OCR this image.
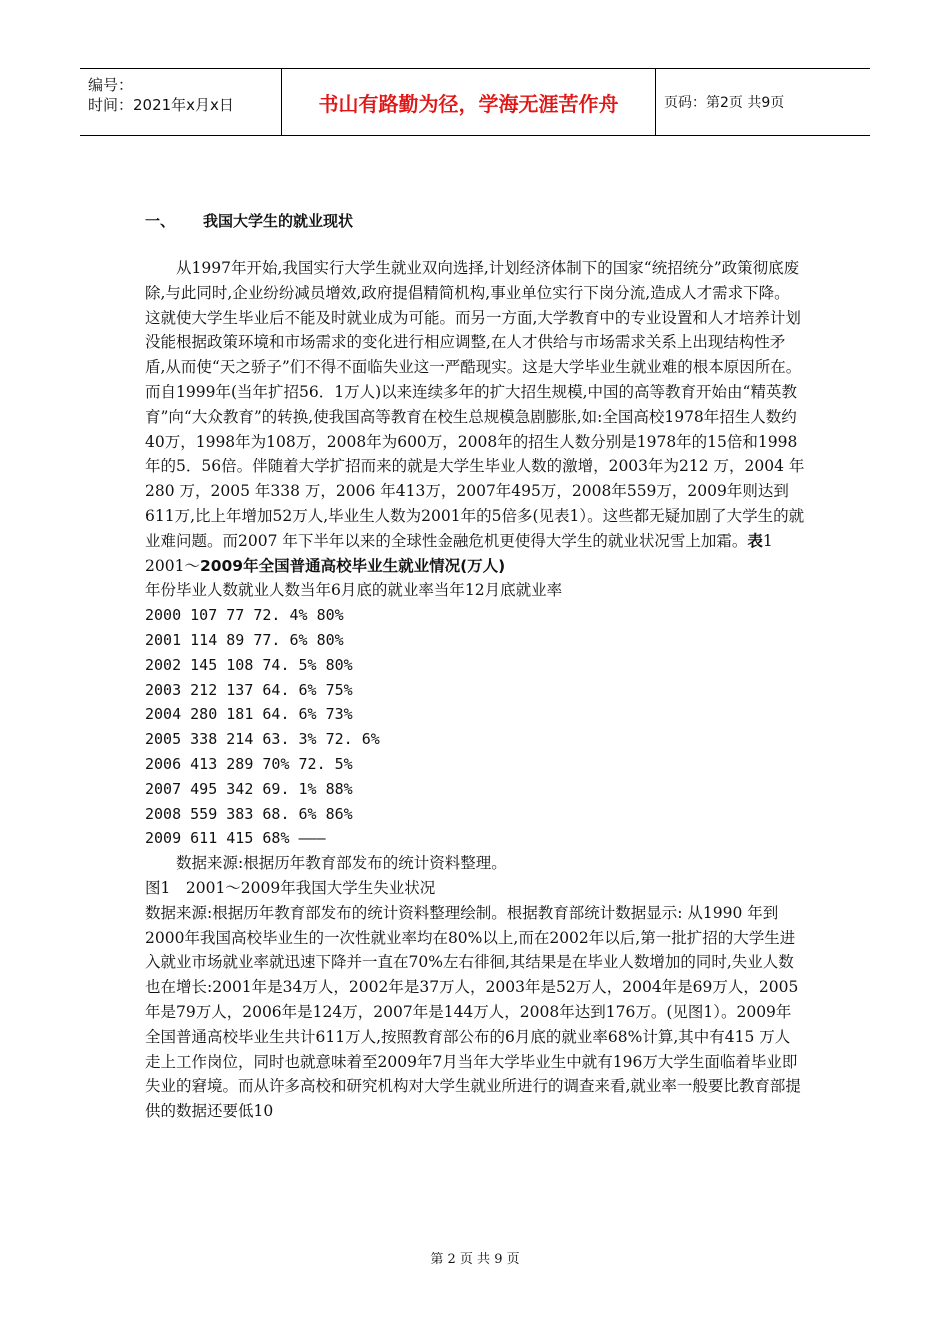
编号：
时间：2021年x月x日	书山有路勤为径，学海无涯苦作舟	页码：第2页 共9页
一、 我国大学生的就业现状

从1997年开始,我国实行大学生就业双向选择,计划经济体制下的国家“统招统分”政策彻底废除,与此同时,企业纷纷减员增效,政府提倡精简机构,事业单位实行下岗分流,造成人才需求下降。这就使大学生毕业后不能及时就业成为可能。而另一方面,大学教育中的专业设置和人才培养计划没能根据政策环境和市场需求的变化进行相应调整,在人才供给与市场需求关系上出现结构性矛盾,从而使“天之骄子”们不得不面临失业这一严酷现实。这是大学毕业生就业难的根本原因所在。而自1999年(当年扩招56．1万人)以来连续多年的扩大招生规模,中国的高等教育开始由“精英教育”向“大众教育”的转换,使我国高等教育在校生总规模急剧膨胀,如:全国高校1978年招生人数约40万，1998年为108万，2008年为600万，2008年的招生人数分别是1978年的15倍和1998年的5．56倍。伴随着大学扩招而来的就是大学生毕业人数的激增，2003年为212 万，2004 年280 万，2005 年338 万，2006 年413万，2007年495万，2008年559万，2009年则达到611万,比上年增加52万人,毕业生人数为2001年的5倍多(见表1）。这些都无疑加剧了大学生的就业难问题。而2007 年下半年以来的全球性金融危机更使得大学生的就业状况雪上加霜。表1　2001～2009年全国普通高校毕业生就业情况(万人)

年份毕业人数就业人数当年6月底的就业率当年12月底就业率

2000 107 77 72. 4% 80%
2001 114 89 77. 6% 80%
2002 145 108 74. 5% 80%
2003 212 137 64. 6% 75%
2004 280 181 64. 6% 73%
2005 338 214 63. 3% 72. 6%
2006 413 289 70% 72. 5%
2007 495 342 69. 1% 88%
2008 559 383 68. 6% 86%
2009 611 415 68% ———

数据来源:根据历年教育部发布的统计资料整理。

图1　2001～2009年我国大学生失业状况

数据来源:根据历年教育部发布的统计资料整理绘制。根据教育部统计数据显示: 从1990 年到2000年我国高校毕业生的一次性就业率均在80%以上,而在2002年以后,第一批扩招的大学生进入就业市场就业率就迅速下降并一直在70%左右徘徊,其结果是在毕业人数增加的同时,失业人数也在增长:2001年是34万人，2002年是37万人，2003年是52万人，2004年是69万人，2005年是79万人，2006年是124万，2007年是144万人，2008年达到176万。(见图1）。2009年全国普通高校毕业生共计611万人,按照教育部公布的6月底的就业率68%计算,其中有415 万人走上工作岗位，同时也就意味着至2009年7月当年大学毕业生中就有196万大学生面临着毕业即失业的窘境。而从许多高校和研究机构对大学生就业所进行的调查来看,就业率一般要比教育部提供的数据还要低10

第 2 页 共 9 页
